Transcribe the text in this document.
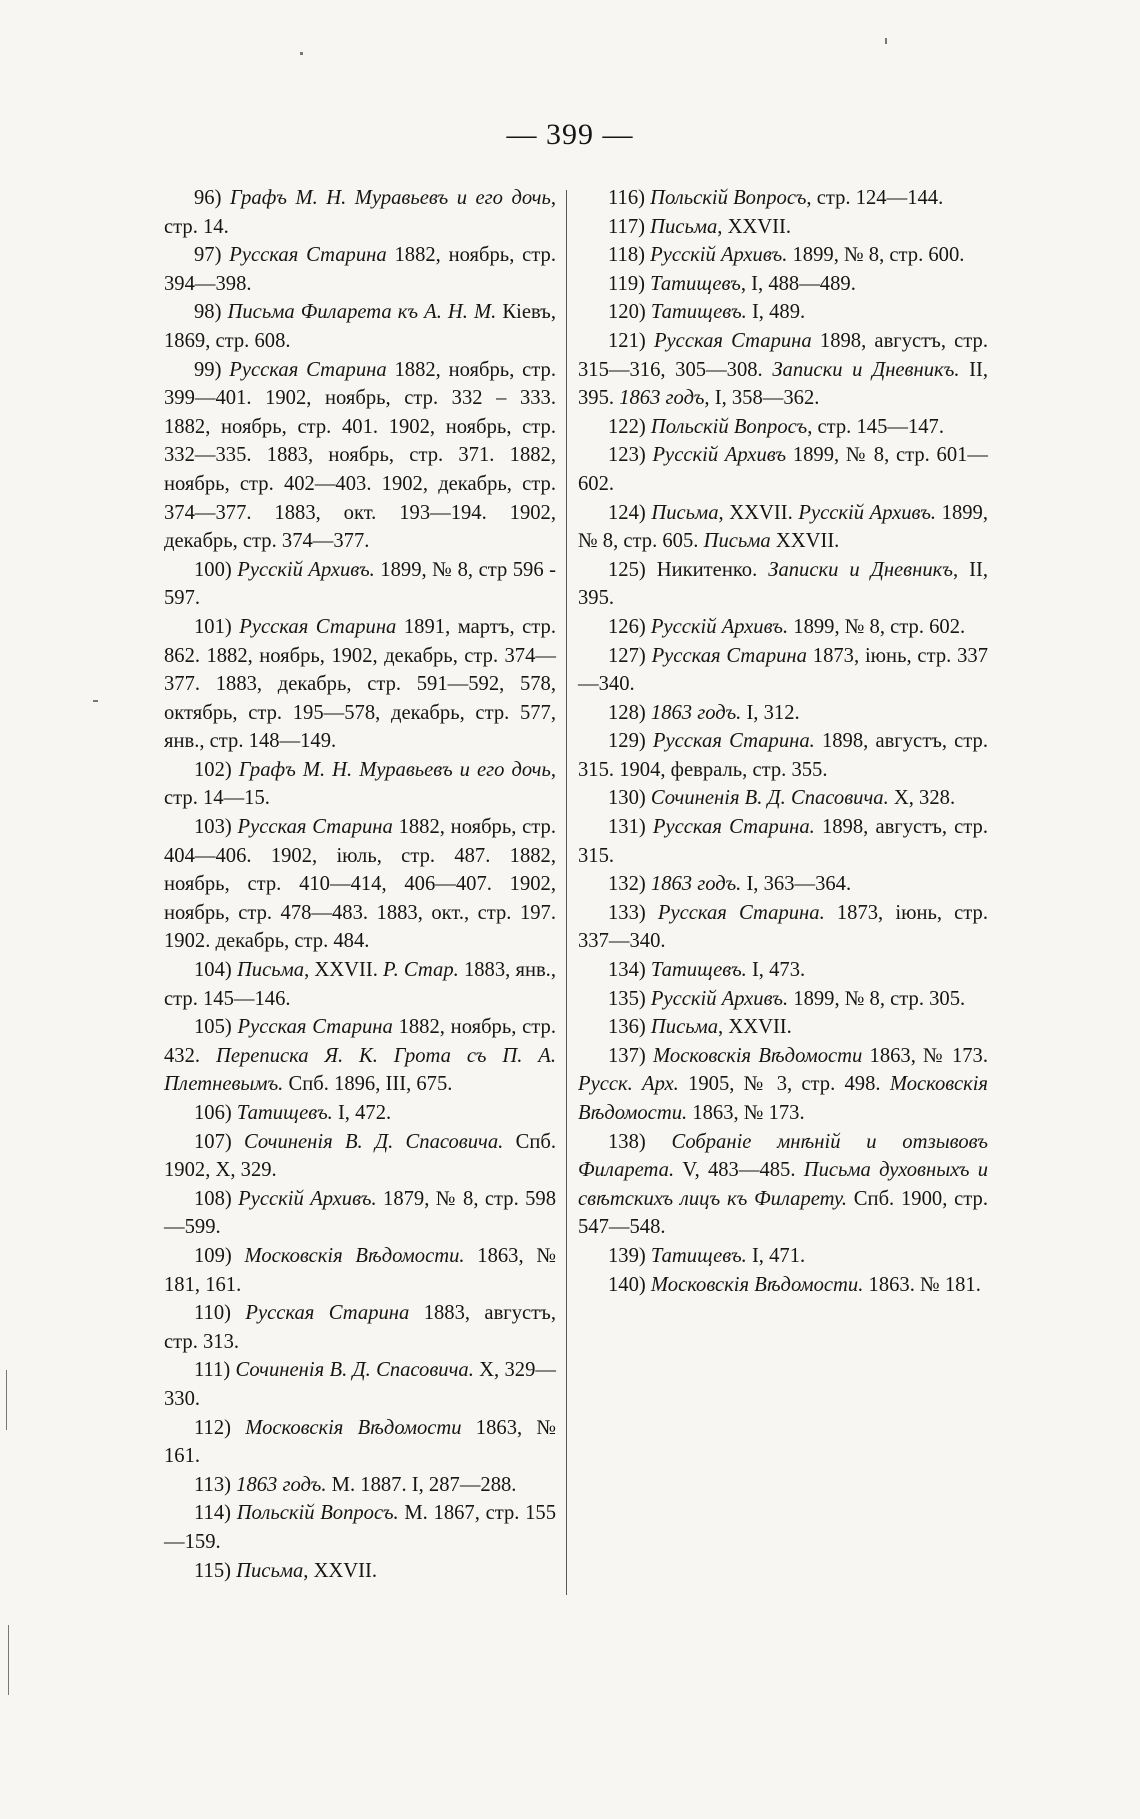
— 399 —

96) Графъ М. Н. Муравьевъ и его дочь, стр. 14.

97) Русская Старина 1882, ноябрь, стр. 394—398.

98) Письма Филарета къ А. Н. М. Кіевъ, 1869, стр. 608.

99) Русская Старина 1882, ноябрь, стр. 399—401. 1902, ноябрь, стр. 332 – 333. 1882, ноябрь, стр. 401. 1902, ноябрь, стр. 332—335. 1883, ноябрь, стр. 371. 1882, ноябрь, стр. 402—403. 1902, декабрь, стр. 374—377. 1883, окт. 193—194. 1902, декабрь, стр. 374—377.

100) Русскій Архивъ. 1899, № 8, стр 596 - 597.

101) Русская Старина 1891, мартъ, стр. 862. 1882, ноябрь, 1902, декабрь, стр. 374—377. 1883, декабрь, стр. 591—592, 578, октябрь, стр. 195—578, декабрь, стр. 577, янв., стр. 148—149.

102) Графъ М. Н. Муравьевъ и его дочь, стр. 14—15.

103) Русская Старина 1882, ноябрь, стр. 404—406. 1902, іюль, стр. 487. 1882, ноябрь, стр. 410—414, 406—407. 1902, ноябрь, стр. 478—483. 1883, окт., стр. 197. 1902. декабрь, стр. 484.

104) Письма, XXVII. Р. Стар. 1883, янв., стр. 145—146.

105) Русская Старина 1882, ноябрь, стр. 432. Переписка Я. К. Грота съ П. А. Плетневымъ. Спб. 1896, III, 675.

106) Татищевъ. I, 472.

107) Сочиненія В. Д. Спасовича. Спб. 1902, X, 329.

108) Русскій Архивъ. 1879, № 8, стр. 598—599.

109) Московскія Вѣдомости. 1863, № 181, 161.

110) Русская Старина 1883, августъ, стр. 313.

111) Сочиненія В. Д. Спасовича. X, 329—330.

112) Московскія Вѣдомости 1863, № 161.

113) 1863 годъ. М. 1887. I, 287—288.

114) Польскій Вопросъ. М. 1867, стр. 155—159.

115) Письма, XXVII.

116) Польскій Вопросъ, стр. 124—144.

117) Письма, XXVII.

118) Русскій Архивъ. 1899, № 8, стр. 600.

119) Татищевъ, I, 488—489.

120) Татищевъ. I, 489.

121) Русская Старина 1898, августъ, стр. 315—316, 305—308. Записки и Дневникъ. II, 395. 1863 годъ, I, 358—362.

122) Польскій Вопросъ, стр. 145—147.

123) Русскій Архивъ 1899, № 8, стр. 601—602.

124) Письма, XXVII. Русскій Архивъ. 1899, № 8, стр. 605. Письма XXVII.

125) Никитенко. Записки и Дневникъ, II, 395.

126) Русскій Архивъ. 1899, № 8, стр. 602.

127) Русская Старина 1873, іюнь, стр. 337—340.

128) 1863 годъ. I, 312.

129) Русская Старина. 1898, августъ, стр. 315. 1904, февраль, стр. 355.

130) Сочиненія В. Д. Спасовича. X, 328.

131) Русская Старина. 1898, августъ, стр. 315.

132) 1863 годъ. I, 363—364.

133) Русская Старина. 1873, іюнь, стр. 337—340.

134) Татищевъ. I, 473.

135) Русскій Архивъ. 1899, № 8, стр. 305.

136) Письма, XXVII.

137) Московскія Вѣдомости 1863, № 173. Русск. Арх. 1905, № 3, стр. 498. Московскія Вѣдомости. 1863, № 173.

138) Собраніе мнѣній и отзывовъ Филарета. V, 483—485. Письма духовныхъ и свѣтскихъ лицъ къ Филарету. Спб. 1900, стр. 547—548.

139) Татищевъ. I, 471.

140) Московскія Вѣдомости. 1863. № 181.
